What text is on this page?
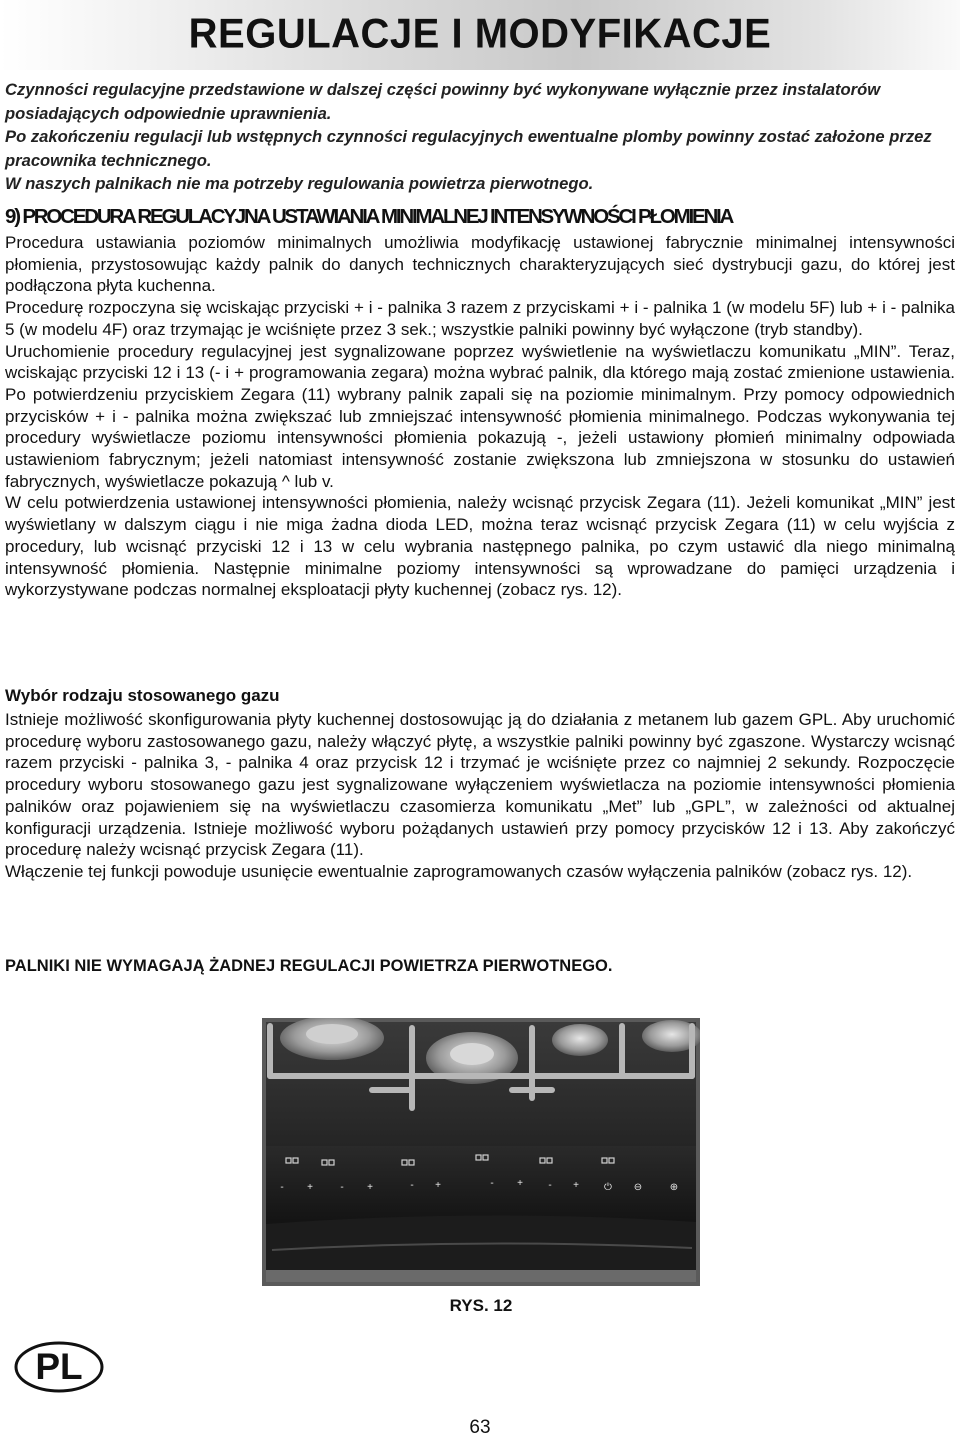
REGULACJE I MODYFIKACJE

Czynności regulacyjne przedstawione w dalszej części powinny być wykonywane wyłącznie przez instalatorów posiadających odpowiednie uprawnienia.

Po zakończeniu regulacji lub wstępnych czynności regulacyjnych ewentualne plomby powinny zostać założone przez pracownika technicznego.

W naszych palnikach nie ma potrzeby regulowania powietrza pierwotnego.

9) PROCEDURA REGULACYJNA USTAWIANIA MINIMALNEJ INTENSYWNOŚCI PŁOMIENIA

Procedura ustawiania poziomów minimalnych umożliwia modyfikację ustawionej fabrycznie minimalnej intensywności płomienia, przystosowując każdy palnik do danych technicznych charakteryzujących sieć dystrybucji gazu, do której jest podłączona płyta kuchenna.

Procedurę rozpoczyna się wciskając przyciski + i - palnika 3 razem z przyciskami + i - palnika 1 (w modelu 5F) lub + i - palnika 5 (w modelu 4F) oraz trzymając je wciśnięte przez 3 sek.; wszystkie palniki powinny być wyłączone (tryb standby).

Uruchomienie procedury regulacyjnej jest sygnalizowane poprzez wyświetlenie na wyświetlaczu komunikatu „MIN”. Teraz, wciskając przyciski 12 i 13 (- i + programowania zegara) można wybrać palnik, dla którego mają zostać zmienione ustawienia. Po potwierdzeniu przyciskiem Zegara (11) wybrany palnik zapali się na poziomie minimalnym. Przy pomocy odpowiednich przycisków + i - palnika można zwiększać lub zmniejszać intensywność płomienia minimalnego. Podczas wykonywania tej procedury wyświetlacze poziomu intensywności płomienia pokazują -, jeżeli ustawiony płomień minimalny odpowiada ustawieniom fabrycznym; jeżeli natomiast intensywność zostanie zwiększona lub zmniejszona w stosunku do ustawień fabrycznych, wyświetlacze pokazują ^ lub v.

W celu potwierdzenia ustawionej intensywności płomienia, należy wcisnąć przycisk Zegara (11). Jeżeli komunikat „MIN” jest wyświetlany w dalszym ciągu i nie miga żadna dioda LED, można teraz wcisnąć przycisk Zegara (11) w celu wyjścia z procedury, lub wcisnąć przyciski 12 i 13 w celu wybrania następnego palnika, po czym ustawić dla niego minimalną intensywność płomienia. Następnie minimalne poziomy intensywności są wprowadzane do pamięci urządzenia i wykorzystywane podczas normalnej eksploatacji płyty kuchennej (zobacz rys. 12).

Wybór rodzaju stosowanego gazu

Istnieje możliwość skonfigurowania płyty kuchennej dostosowując ją do działania z metanem lub gazem GPL. Aby uruchomić procedurę wyboru zastosowanego gazu, należy włączyć płytę, a wszystkie palniki powinny być zgaszone. Wystarczy wcisnąć razem przyciski - palnika 3, - palnika 4 oraz przycisk 12 i trzymać je wciśnięte przez co najmniej 2 sekundy. Rozpoczęcie procedury wyboru stosowanego gazu jest sygnalizowane wyłączeniem wyświetlacza na poziomie intensywności płomienia palników oraz pojawieniem się na wyświetlaczu czasomierza komunikatu „Met” lub „GPL”, w zależności od aktualnej konfiguracji urządzenia. Istnieje możliwość wyboru pożądanych ustawień przy pomocy przycisków 12 i 13. Aby zakończyć procedurę należy wcisnąć przycisk Zegara (11).

Włączenie tej funkcji powoduje usunięcie ewentualnie zaprogramowanych czasów wyłączenia palników (zobacz rys. 12).

PALNIKI NIE WYMAGAJĄ ŻADNEJ REGULACJI POWIETRZA PIERWOTNEGO.

- +	- +	- +	- +	- +	⏻ ⊖	⊕

RYS. 12

PL

63
